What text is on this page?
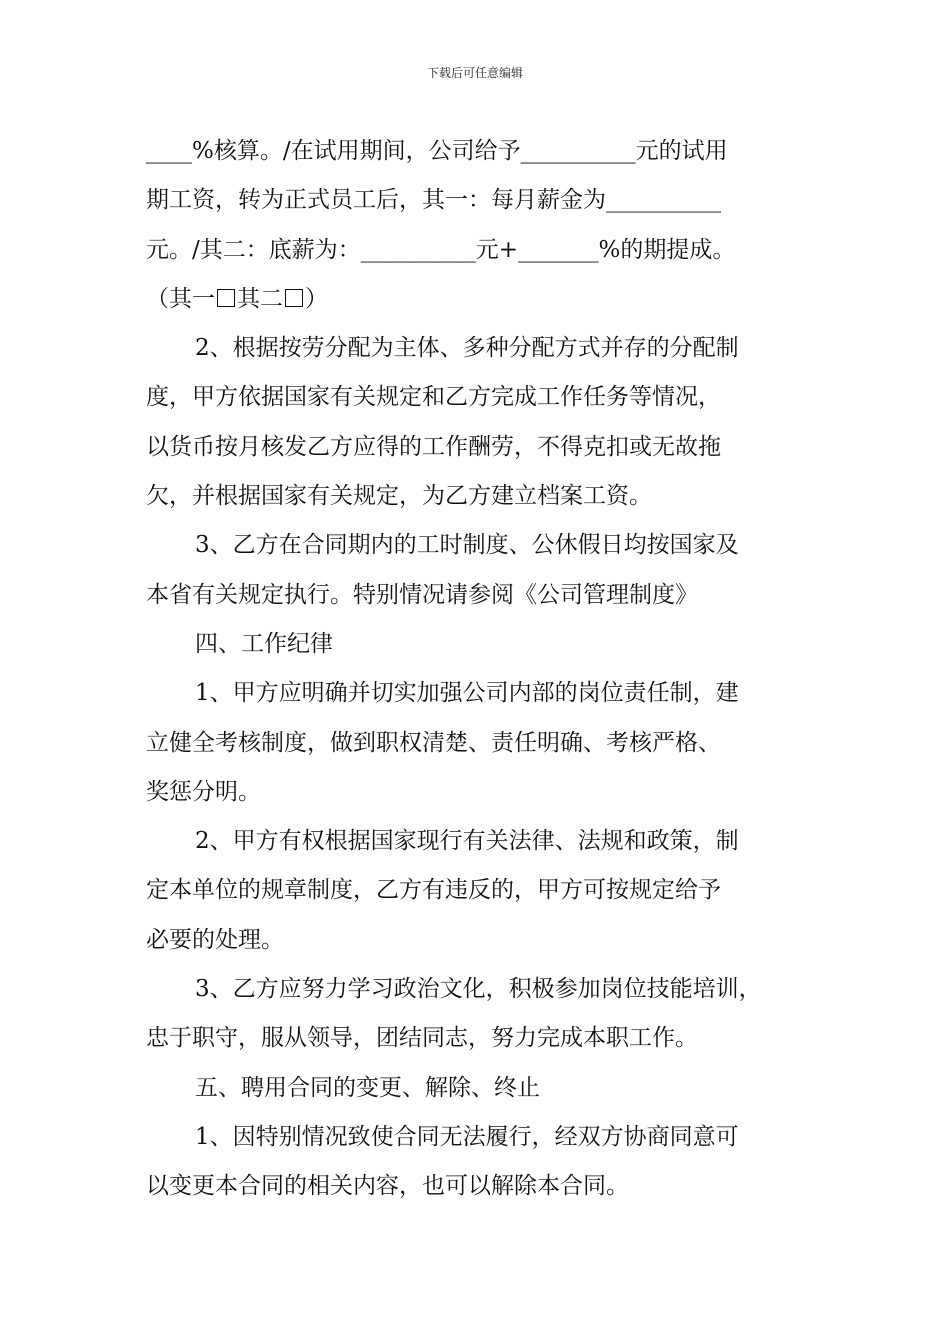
下载后可任意编辑
____%核算。/在试用期间，公司给予__________元的试用
期工资，转为正式员工后，其一：每月薪金为__________
元。/其二：底薪为：__________元+_______%的期提成。
（其一 其二 ）
2、根据按劳分配为主体、多种分配方式并存的分配制
度，甲方依据国家有关规定和乙方完成工作任务等情况，
以货币按月核发乙方应得的工作酬劳，不得克扣或无故拖
欠，并根据国家有关规定，为乙方建立档案工资。
3、乙方在合同期内的工时制度、公休假日均按国家及
本省有关规定执行。特别情况请参阅《公司管理制度》
四、工作纪律
1、甲方应明确并切实加强公司内部的岗位责任制，建
立健全考核制度，做到职权清楚、责任明确、考核严格、
奖惩分明。
2、甲方有权根据国家现行有关法律、法规和政策，制
定本单位的规章制度，乙方有违反的，甲方可按规定给予
必要的处理。
3、乙方应努力学习政治文化，积极参加岗位技能培训，
忠于职守，服从领导，团结同志，努力完成本职工作。
五、聘用合同的变更、解除、终止
1、因特别情况致使合同无法履行，经双方协商同意可
以变更本合同的相关内容，也可以解除本合同。
